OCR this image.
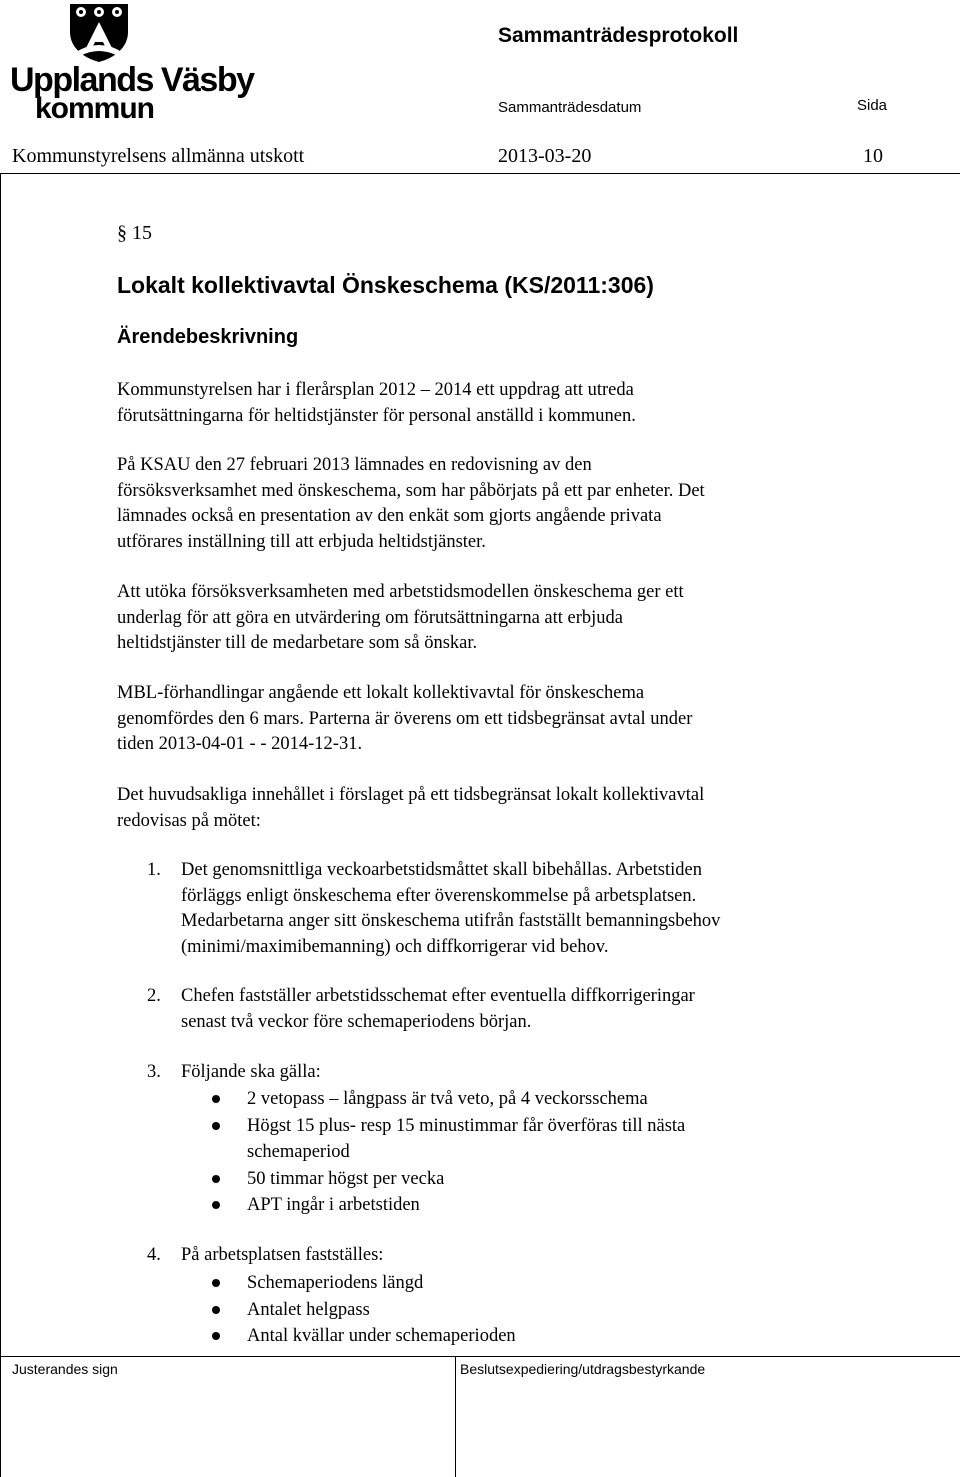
Upplands Väsby
kommun
Sammanträdesprotokoll
Sammanträdesdatum	Sida
Kommunstyrelsens allmänna utskott	2013-03-20	10
§ 15
Lokalt kollektivavtal Önskeschema (KS/2011:306)
Ärendebeskrivning
Kommunstyrelsen har i flerårsplan 2012 – 2014 ett uppdrag att utreda
förutsättningarna för heltidstjänster för personal anställd i kommunen.
På KSAU den 27 februari 2013 lämnades en redovisning av den
försöksverksamhet med önskeschema, som har påbörjats på ett par enheter. Det
lämnades också en presentation av den enkät som gjorts angående privata
utförares inställning till att erbjuda heltidstjänster.
Att utöka försöksverksamheten med arbetstidsmodellen önskeschema ger ett
underlag för att göra en utvärdering om förutsättningarna att erbjuda
heltidstjänster till de medarbetare som så önskar.
MBL-förhandlingar angående ett lokalt kollektivavtal för önskeschema
genomfördes den 6 mars. Parterna är överens om ett tidsbegränsat avtal under
tiden 2013-04-01 - - 2014-12-31.
Det huvudsakliga innehållet i förslaget på ett tidsbegränsat lokalt kollektivavtal
redovisas på mötet:
1. Det genomsnittliga veckoarbetstidsmåttet skall bibehållas. Arbetstiden
förläggs enligt önskeschema efter överenskommelse på arbetsplatsen.
Medarbetarna anger sitt önskeschema utifrån fastställt bemanningsbehov
(minimi/maximibemanning) och diffkorrigerar vid behov.
2. Chefen fastställer arbetstidsschemat efter eventuella diffkorrigeringar
senast två veckor före schemaperiodens början.
3. Följande ska gälla:
2 vetopass – långpass är två veto, på 4 veckorsschema
Högst 15 plus- resp 15 minustimmar får överföras till nästa
schemaperiod
50 timmar högst per vecka
APT ingår i arbetstiden
4. På arbetsplatsen fastställes:
Schemaperiodens längd
Antalet helgpass
Antal kvällar under schemaperioden
Justerandes sign	Beslutsexpediering/utdragsbestyrkande
